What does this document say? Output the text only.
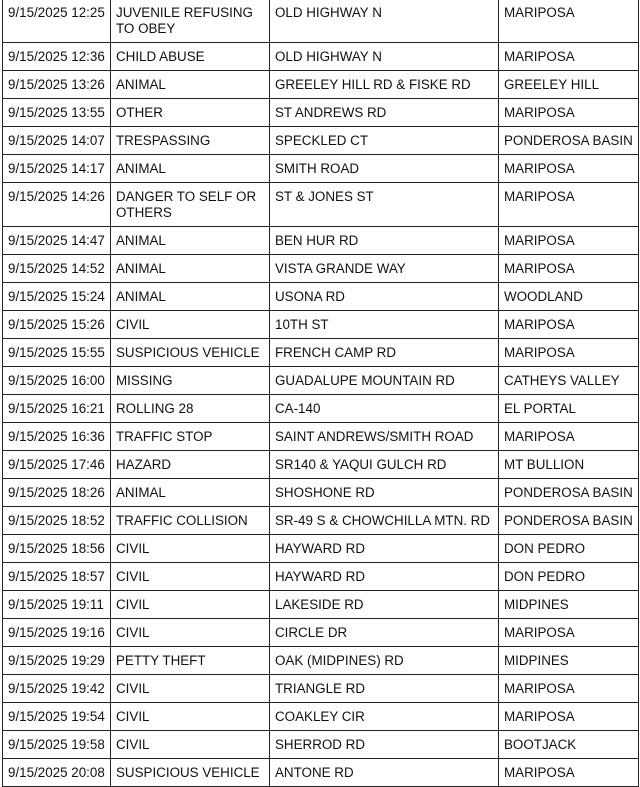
9/15/2025 12:25	JUVENILE REFUSING TO OBEY	OLD HIGHWAY N	MARIPOSA
9/15/2025 12:36	CHILD ABUSE	OLD HIGHWAY N	MARIPOSA
9/15/2025 13:26	ANIMAL	GREELEY HILL RD & FISKE RD	GREELEY HILL
9/15/2025 13:55	OTHER	ST ANDREWS RD	MARIPOSA
9/15/2025 14:07	TRESPASSING	SPECKLED CT	PONDEROSA BASIN
9/15/2025 14:17	ANIMAL	SMITH ROAD	MARIPOSA
9/15/2025 14:26	DANGER TO SELF OR OTHERS	ST & JONES ST	MARIPOSA
9/15/2025 14:47	ANIMAL	BEN HUR RD	MARIPOSA
9/15/2025 14:52	ANIMAL	VISTA GRANDE WAY	MARIPOSA
9/15/2025 15:24	ANIMAL	USONA RD	WOODLAND
9/15/2025 15:26	CIVIL	10TH ST	MARIPOSA
9/15/2025 15:55	SUSPICIOUS VEHICLE	FRENCH CAMP RD	MARIPOSA
9/15/2025 16:00	MISSING	GUADALUPE MOUNTAIN RD	CATHEYS VALLEY
9/15/2025 16:21	ROLLING 28	CA-140	EL PORTAL
9/15/2025 16:36	TRAFFIC STOP	SAINT ANDREWS/SMITH ROAD	MARIPOSA
9/15/2025 17:46	HAZARD	SR140 & YAQUI GULCH RD	MT BULLION
9/15/2025 18:26	ANIMAL	SHOSHONE RD	PONDEROSA BASIN
9/15/2025 18:52	TRAFFIC COLLISION	SR-49 S & CHOWCHILLA MTN. RD	PONDEROSA BASIN
9/15/2025 18:56	CIVIL	HAYWARD RD	DON PEDRO
9/15/2025 18:57	CIVIL	HAYWARD RD	DON PEDRO
9/15/2025 19:11	CIVIL	LAKESIDE RD	MIDPINES
9/15/2025 19:16	CIVIL	CIRCLE DR	MARIPOSA
9/15/2025 19:29	PETTY THEFT	OAK (MIDPINES) RD	MIDPINES
9/15/2025 19:42	CIVIL	TRIANGLE RD	MARIPOSA
9/15/2025 19:54	CIVIL	COAKLEY CIR	MARIPOSA
9/15/2025 19:58	CIVIL	SHERROD RD	BOOTJACK
9/15/2025 20:08	SUSPICIOUS VEHICLE	ANTONE RD	MARIPOSA
